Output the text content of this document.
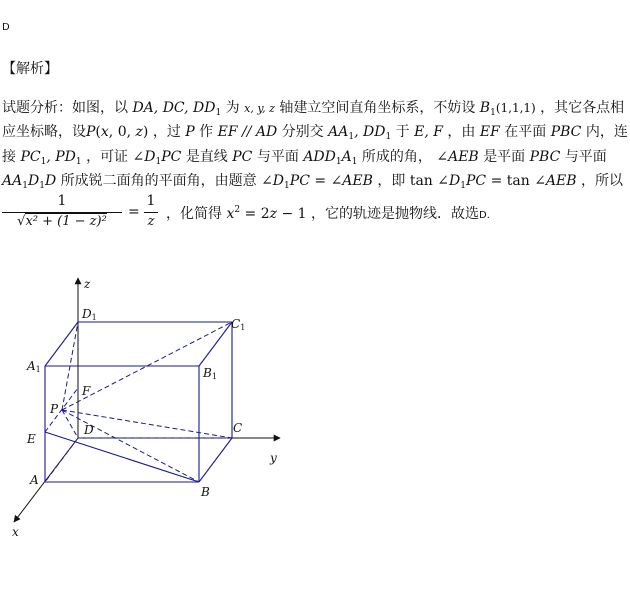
D
【解析】
试题分析：如图，以 DA, DC, $DD_1$ 为 x, y, z 轴建立空间直角坐标系，不妨设 $B_1(1,1,1)$ ，其它各点相
应坐标略，设P(x, 0, z) ，过 P 作 EF // AD 分别交 $AA_1$, $DD_1$ 于 E, F ，由 EF 在平面 PBC 内，连
接 $PC_1$, $PD_1$ ，可证 $\angle D_1PC$ 是直线 PC 与平面 $ADD_1A_1$ 所成的角， ∠AEB 是平面 PBC 与平面
$AA_1D_1D$ 所成锐二面角的平面角，由题意 $\angle D_1PC$ = ∠AEB ，即 $\tan \angle D_1PC = \tan$ ∠AEB ，所以
1
√x² + (1 − z)²
=
1
z ，化简得 $x^2 = 2z - 1$ ，它的轨迹是抛物线．故选D．
z
y
x
D1	C1
A1	B1
F
P
D	C
E
A
B
